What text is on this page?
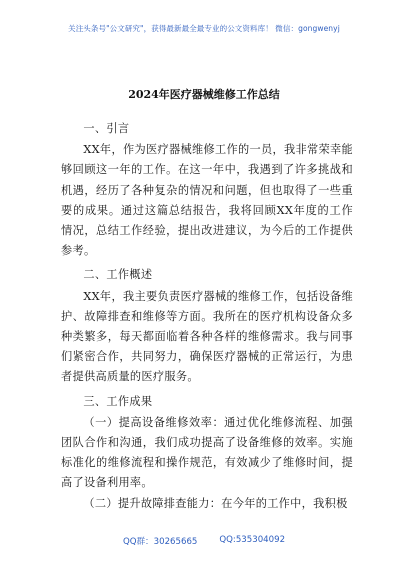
关注头条号"公文研究"，获得最新最全最专业的公文资料库！ 微信：gongwenyj
2024年医疗器械维修工作总结

一、引言

XX年，作为医疗器械维修工作的一员，我非常荣幸能够回顾这一年的工作。在这一年中，我遇到了许多挑战和机遇，经历了各种复杂的情况和问题，但也取得了一些重要的成果。通过这篇总结报告，我将回顾XX年度的工作情况，总结工作经验，提出改进建议，为今后的工作提供参考。

二、工作概述

XX年，我主要负责医疗器械的维修工作，包括设备维护、故障排查和维修等方面。我所在的医疗机构设备众多种类繁多，每天都面临着各种各样的维修需求。我与同事们紧密合作，共同努力，确保医疗器械的正常运行，为患者提供高质量的医疗服务。

三、工作成果

（一）提高设备维修效率：通过优化维修流程、加强团队合作和沟通，我们成功提高了设备维修的效率。实施标准化的维修流程和操作规范，有效减少了维修时间，提高了设备利用率。

（二）提升故障排查能力：在今年的工作中，我积极

QQ群：30265665	QQ:535304092
